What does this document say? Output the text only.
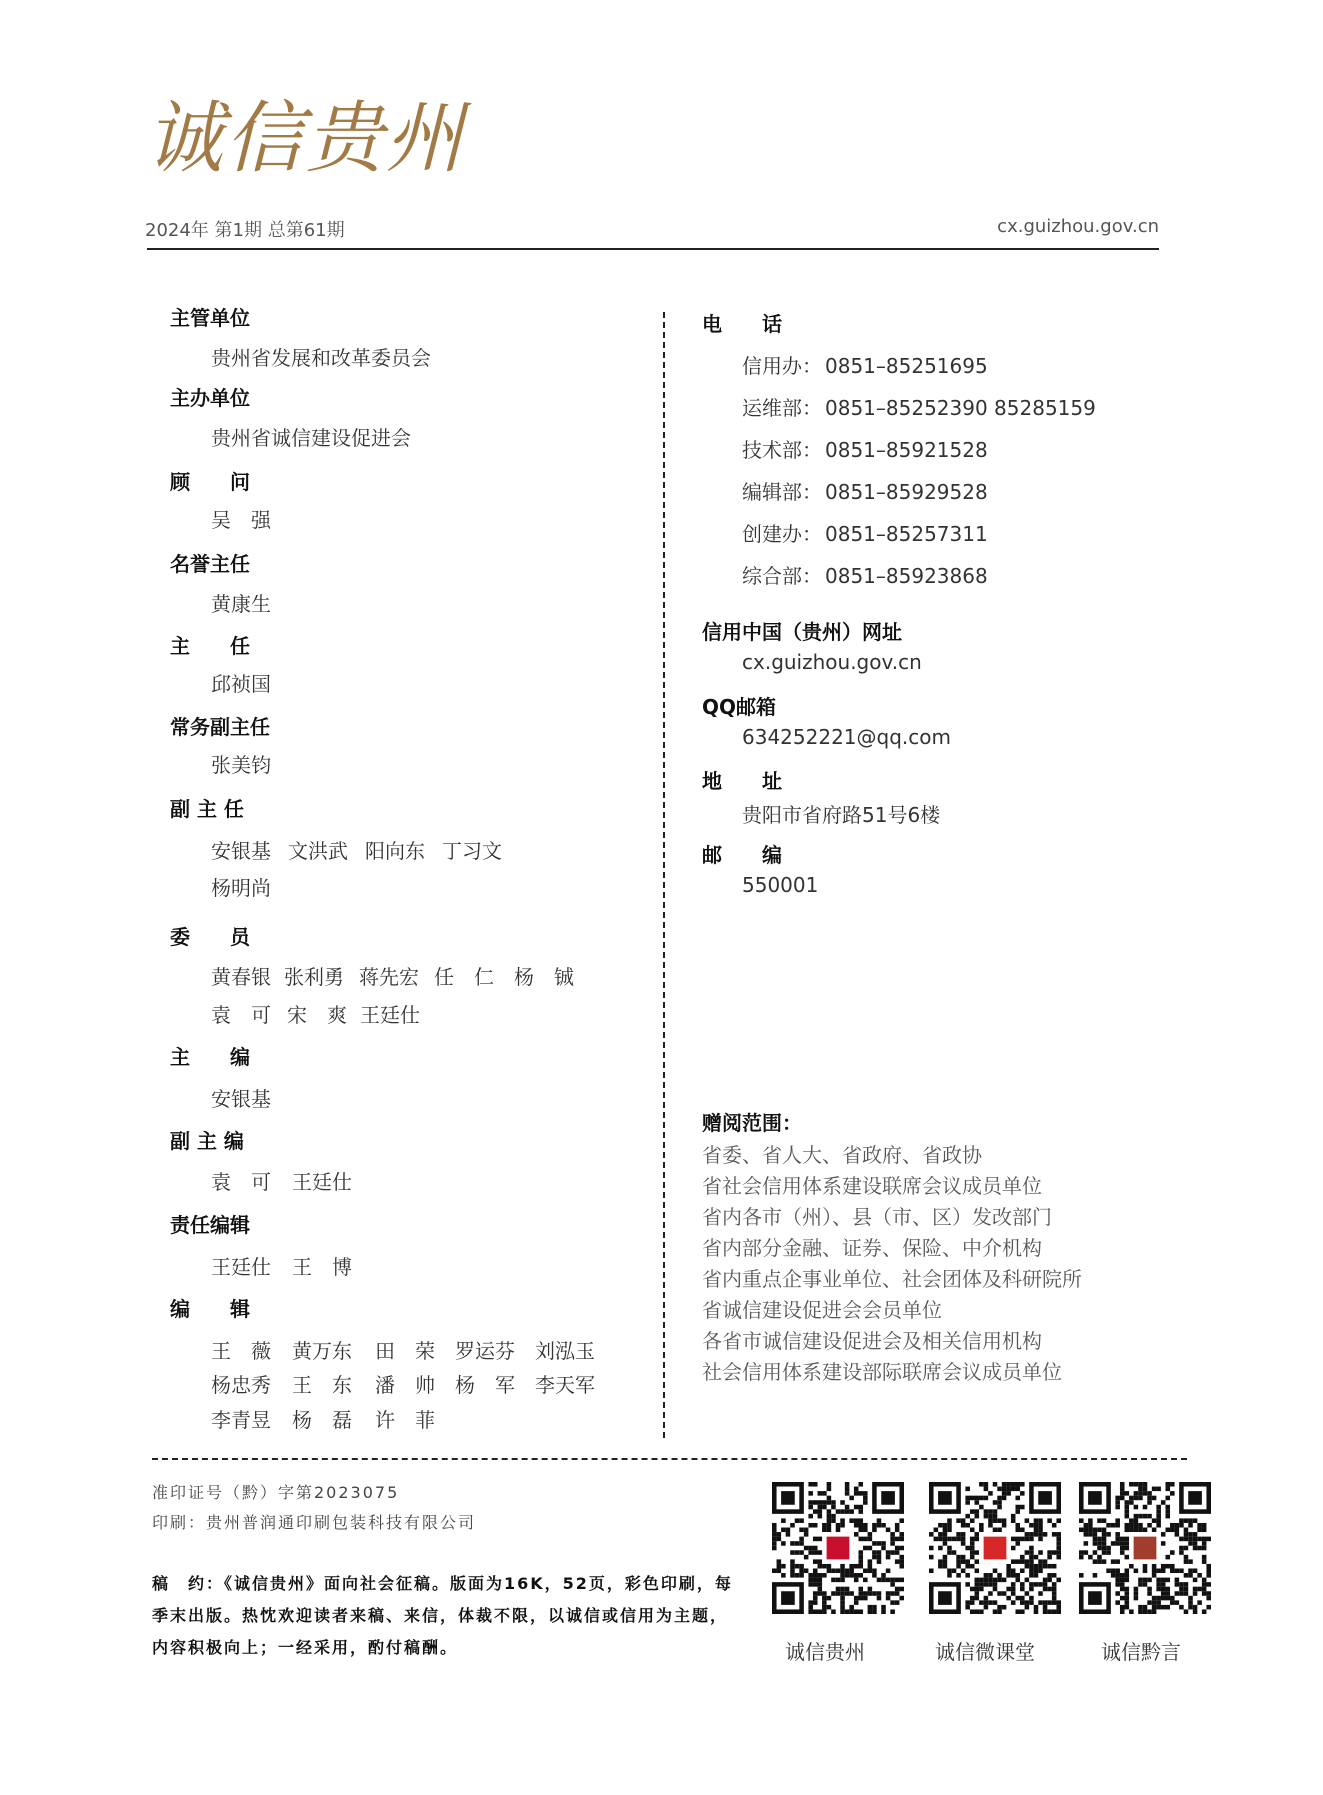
诚信贵州
2024年 第1期 总第61期	cx.guizhou.gov.cn
主管单位
贵州省发展和改革委员会
主办单位
贵州省诚信建设促进会
顾　　问
吴　强
名誉主任
黄康生
主　　任
邱祯国
常务副主任
张美钧
副 主 任
安银基 文洪武 阳向东 丁习文
杨明尚
委　　员
黄春银 张利勇 蒋先宏 任　仁 杨　铖
袁　可 宋　爽 王廷仕
主　　编
安银基
副 主 编
袁　可 王廷仕
责任编辑
王廷仕 王　博
编　　辑
王　薇 黄万东 田　荣 罗运芬 刘泓玉
杨忠秀 王　东 潘　帅 杨　军 李天军
李青昱 杨　磊 许　菲
电　　话
信用办： 0851–85251695
运维部： 0851–85252390 85285159
技术部： 0851–85921528
编辑部： 0851–85929528
创建办： 0851–85257311
综合部： 0851–85923868
信用中国（贵州）网址
cx.guizhou.gov.cn
QQ邮箱
634252221@qq.com
地　　址
贵阳市省府路51号6楼
邮　　编
550001
赠阅范围：
省委、省人大、省政府、省政协
省社会信用体系建设联席会议成员单位
省内各市（州）、县（市、区）发改部门
省内部分金融、证券、保险、中介机构
省内重点企事业单位、社会团体及科研院所
省诚信建设促进会会员单位
各省市诚信建设促进会及相关信用机构
社会信用体系建设部际联席会议成员单位
准印证号（黔）字第2023075
印刷：贵州普润通印刷包装科技有限公司
稿　约：《诚信贵州》面向社会征稿。版面为16K，52页，彩色印刷，每季末出版。热忱欢迎读者来稿、来信，体裁不限，以诚信或信用为主题，内容积极向上；一经采用，酌付稿酬。	诚信贵州	诚信微课堂	诚信黔言
